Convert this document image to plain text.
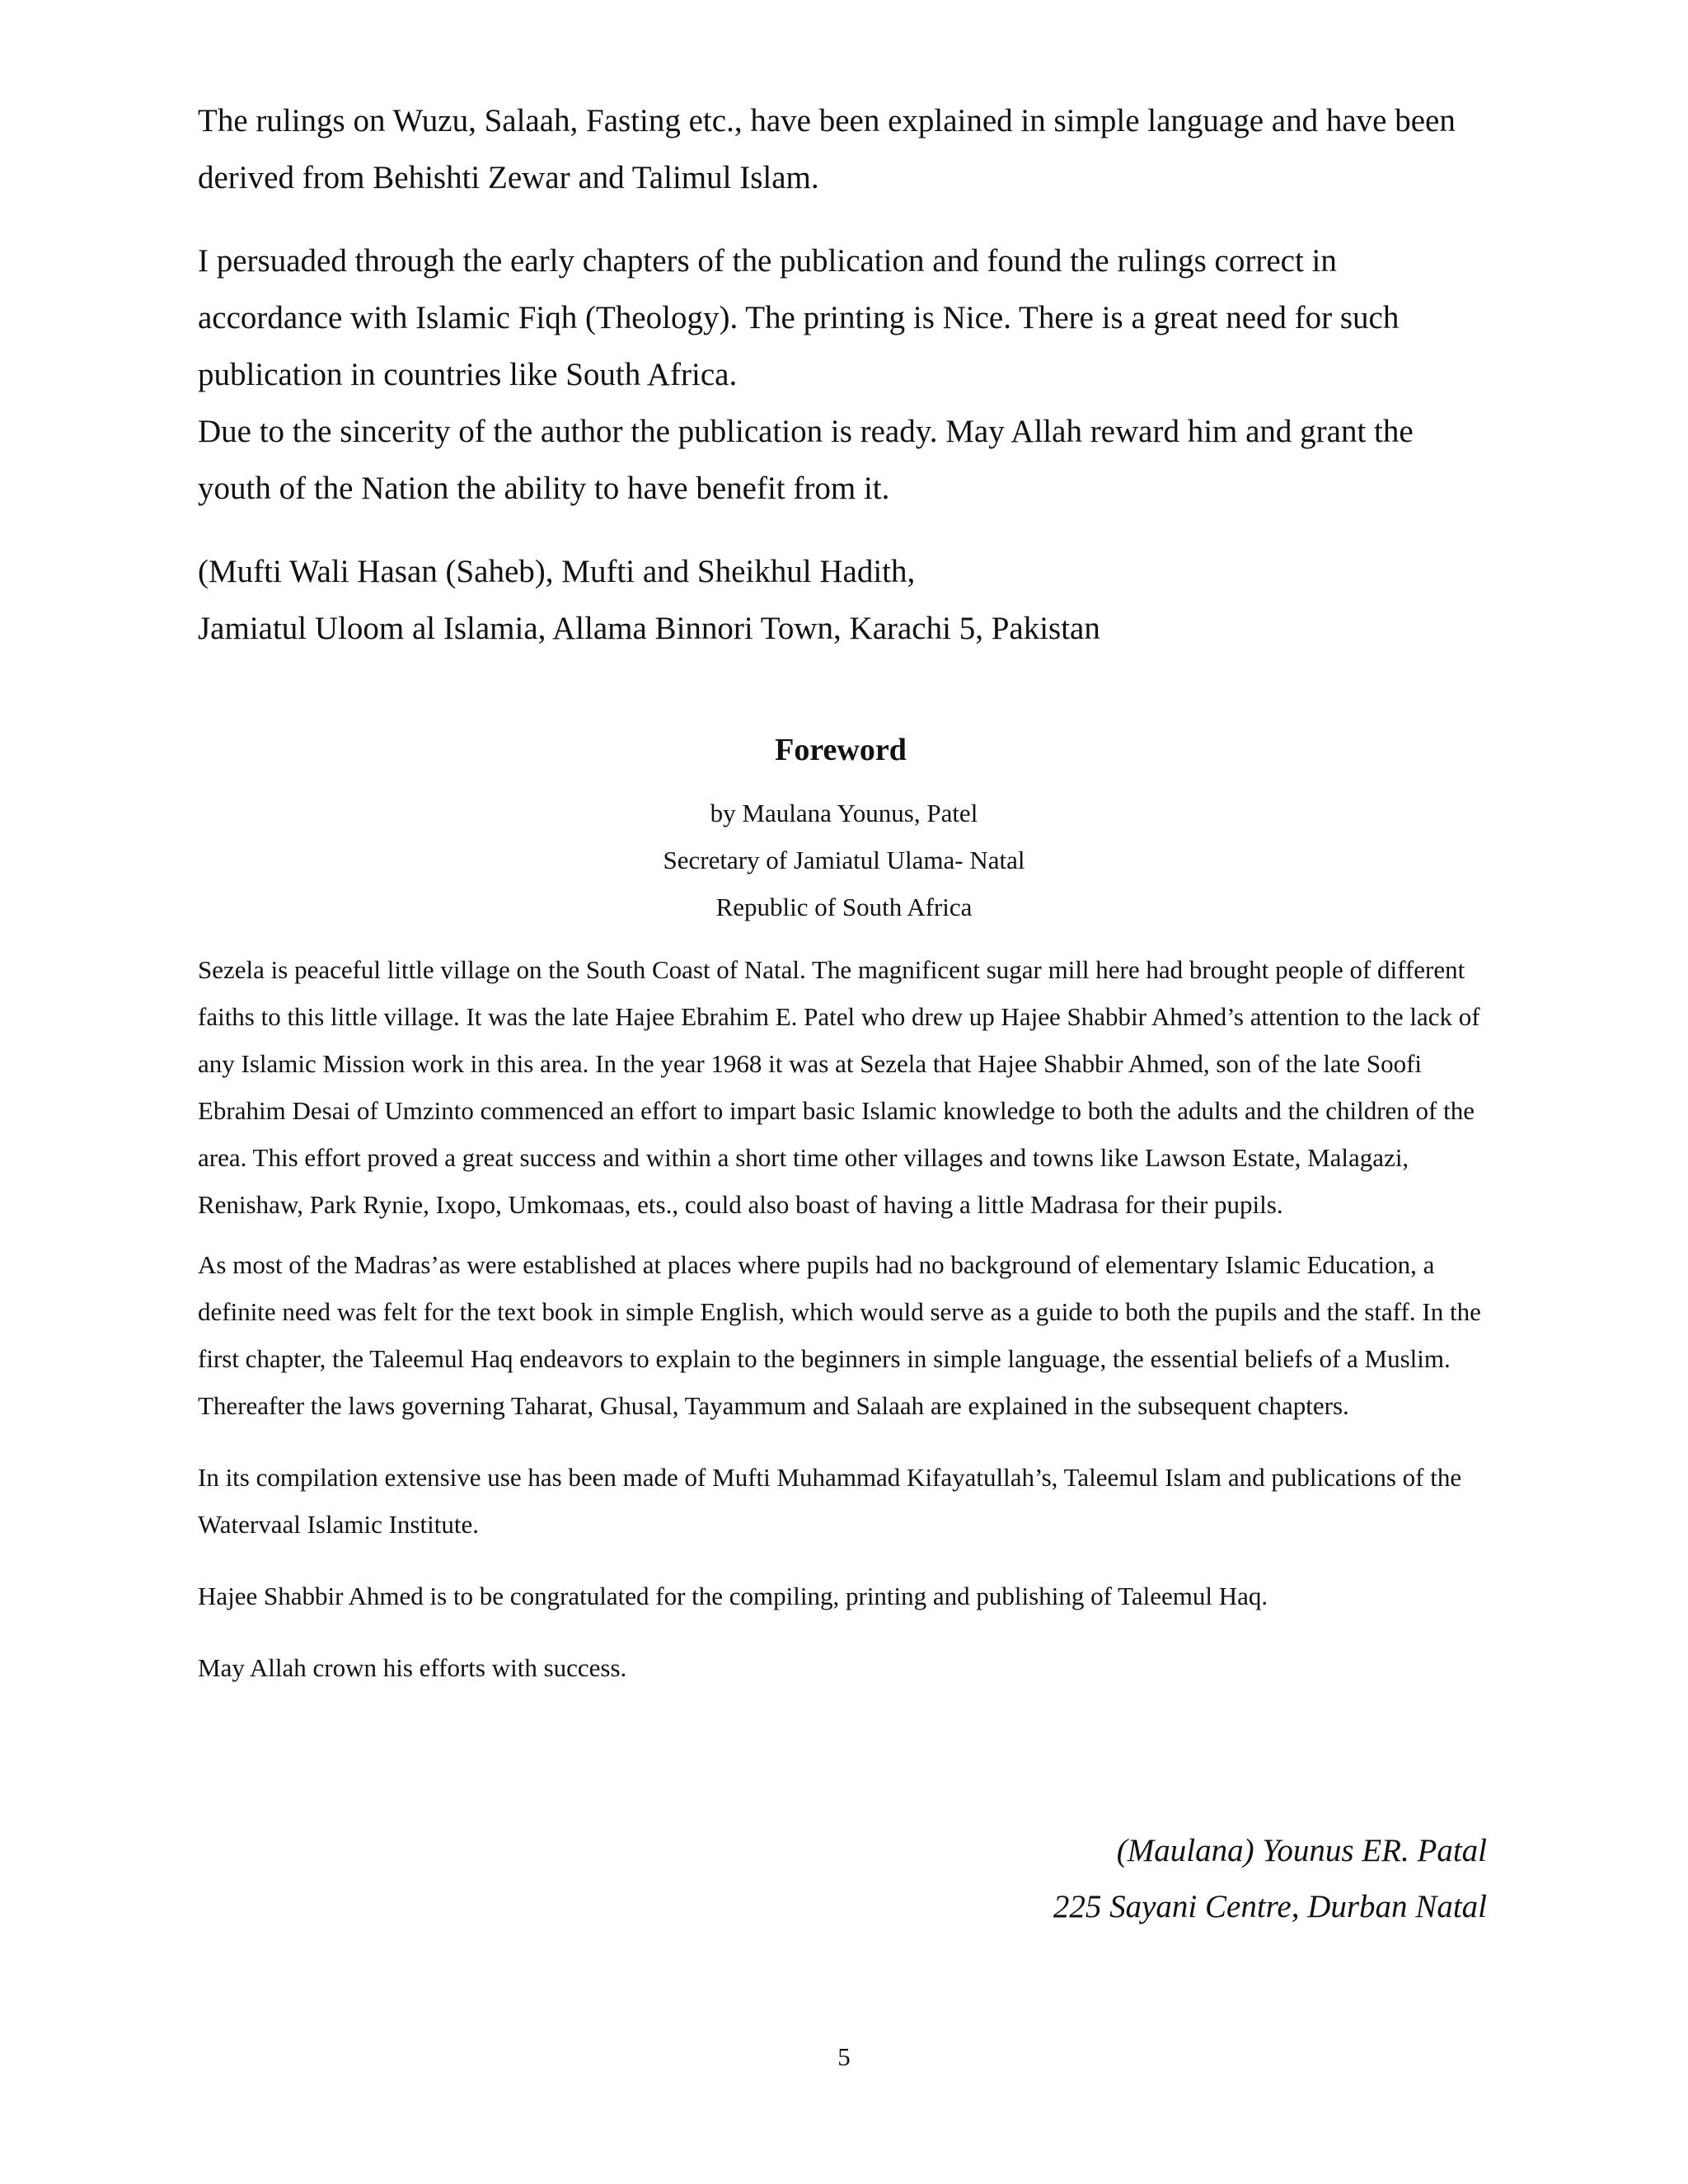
The rulings on Wuzu, Salaah, Fasting etc., have been explained in simple language and have been derived from Behishti Zewar and Talimul Islam.

I persuaded through the early chapters of the publication and found the rulings correct in accordance with Islamic Fiqh (Theology). The printing is Nice. There is a great need for such publication in countries like South Africa.

Due to the sincerity of the author the publication is ready. May Allah reward him and grant the youth of the Nation the ability to have benefit from it.

(Mufti Wali Hasan (Saheb), Mufti and Sheikhul Hadith,

Jamiatul Uloom al Islamia, Allama Binnori Town, Karachi 5, Pakistan

Foreword

by Maulana Younus, Patel

Secretary of Jamiatul Ulama- Natal

Republic of South Africa

Sezela is peaceful little village on the South Coast of Natal. The magnificent sugar mill here had brought people of different faiths to this little village. It was the late Hajee Ebrahim E. Patel who drew up Hajee Shabbir Ahmed’s attention to the lack of any Islamic Mission work in this area. In the year 1968 it was at Sezela that Hajee Shabbir Ahmed, son of the late Soofi Ebrahim Desai of Umzinto commenced an effort to impart basic Islamic knowledge to both the adults and the children of the area. This effort proved a great success and within a short time other villages and towns like Lawson Estate, Malagazi, Renishaw, Park Rynie, Ixopo, Umkomaas, ets., could also boast of having a little Madrasa for their pupils.

As most of the Madras’as were established at places where pupils had no background of elementary Islamic Education, a definite need was felt for the text book in simple English, which would serve as a guide to both the pupils and the staff. In the first chapter, the Taleemul Haq endeavors to explain to the beginners in simple language, the essential beliefs of a Muslim. Thereafter the laws governing Taharat, Ghusal, Tayammum and Salaah are explained in the subsequent chapters.

In its compilation extensive use has been made of Mufti Muhammad Kifayatullah’s, Taleemul Islam and publications of the Watervaal Islamic Institute.

Hajee Shabbir Ahmed is to be congratulated for the compiling, printing and publishing of Taleemul Haq.

May Allah crown his efforts with success.

(Maulana) Younus ER. Patal

225 Sayani Centre, Durban Natal

5
